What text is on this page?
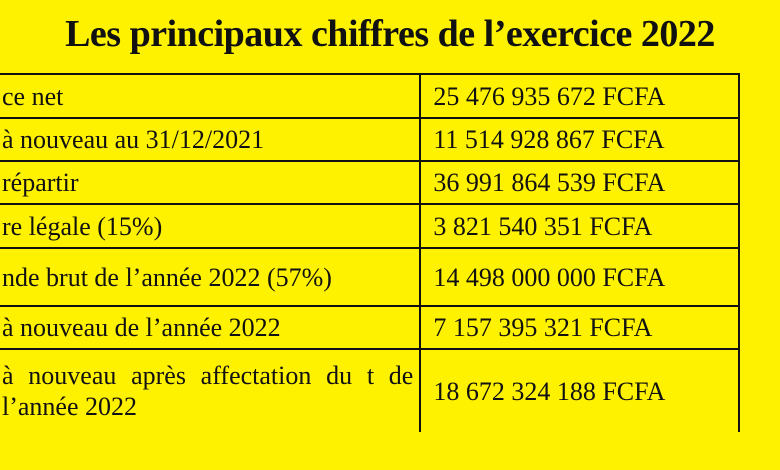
Les principaux chiffres de l’exercice 2022
ce net	25 476 935 672 FCFA
à nouveau au 31/12/2021	11 514 928 867 FCFA
répartir	36 991 864 539 FCFA
re légale (15%)	3 821 540 351 FCFA
nde brut de l’année 2022 (57%)	14 498 000 000 FCFA
à nouveau de l’année 2022	7 157 395 321 FCFA
à nouveau après affectation du t de l’année 2022	18 672 324 188 FCFA
